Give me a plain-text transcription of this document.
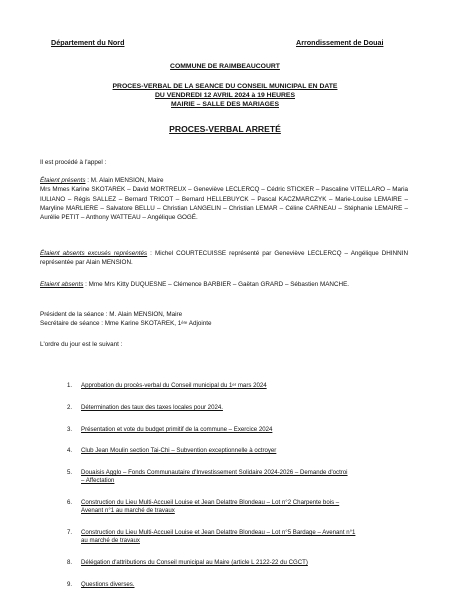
Département du Nord	Arrondissement de Douai
COMMUNE DE RAIMBEAUCOURT
PROCES-VERBAL DE LA SEANCE DU CONSEIL MUNICIPAL EN DATE
DU VENDREDI 12 AVRIL 2024 à 19 HEURES
MAIRIE – SALLE DES MARIAGES
PROCES-VERBAL ARRETÉ
Il est procédé à l'appel :
Étaient présents : M. Alain MENSION, Maire
Mrs Mmes Karine SKOTAREK – David MORTREUX – Geneviève LECLERCQ – Cédric STICKER – Pascaline VITELLARO – Maria IULIANO – Régis SALLEZ – Bernard TRICOT – Bernard HELLEBUYCK – Pascal KACZMARCZYK – Marie-Louise LEMAIRE – Maryline MARLIERE – Salvatore BELLU – Christian LANGELIN – Christian LEMAR – Céline CARNEAU – Stéphanie LEMAIRE – Aurélie PETIT – Anthony WATTEAU – Angélique GOGÉ.
Étaient absents excusés représentés : Michel COURTECUISSE représenté par Geneviève LECLERCQ – Angélique DHINNIN représentée par Alain MENSION.
Etaient absents : Mme Mrs Kitty DUQUESNE – Clémence BARBIER – Gaëtan GRARD – Sébastien MANCHE.
Président de la séance : M. Alain MENSION, Maire
Secrétaire de séance : Mme Karine SKOTAREK, 1ère Adjointe
L'ordre du jour est le suivant :
1.	Approbation du procès-verbal du Conseil municipal du 1er mars 2024
2.	Détermination des taux des taxes locales pour 2024.
3.	Présentation et vote du budget primitif de la commune – Exercice 2024
4.	Club Jean Moulin section Tai-Chi – Subvention exceptionnelle à octroyer
5.	Douaisis Agglo – Fonds Communautaire d'Investissement Solidaire 2024-2026 – Demande d'octroi
– Affectation
6.	Construction du Lieu Multi-Accueil Louise et Jean Delattre Blondeau – Lot n°2 Charpente bois –
Avenant n°1 au marché de travaux
7.	Construction du Lieu Multi-Accueil Louise et Jean Delattre Blondeau – Lot n°5 Bardage – Avenant n°1
au marché de travaux
8.	Délégation d'attributions du Conseil municipal au Maire (article L 2122-22 du CGCT)
9.	Questions diverses.
